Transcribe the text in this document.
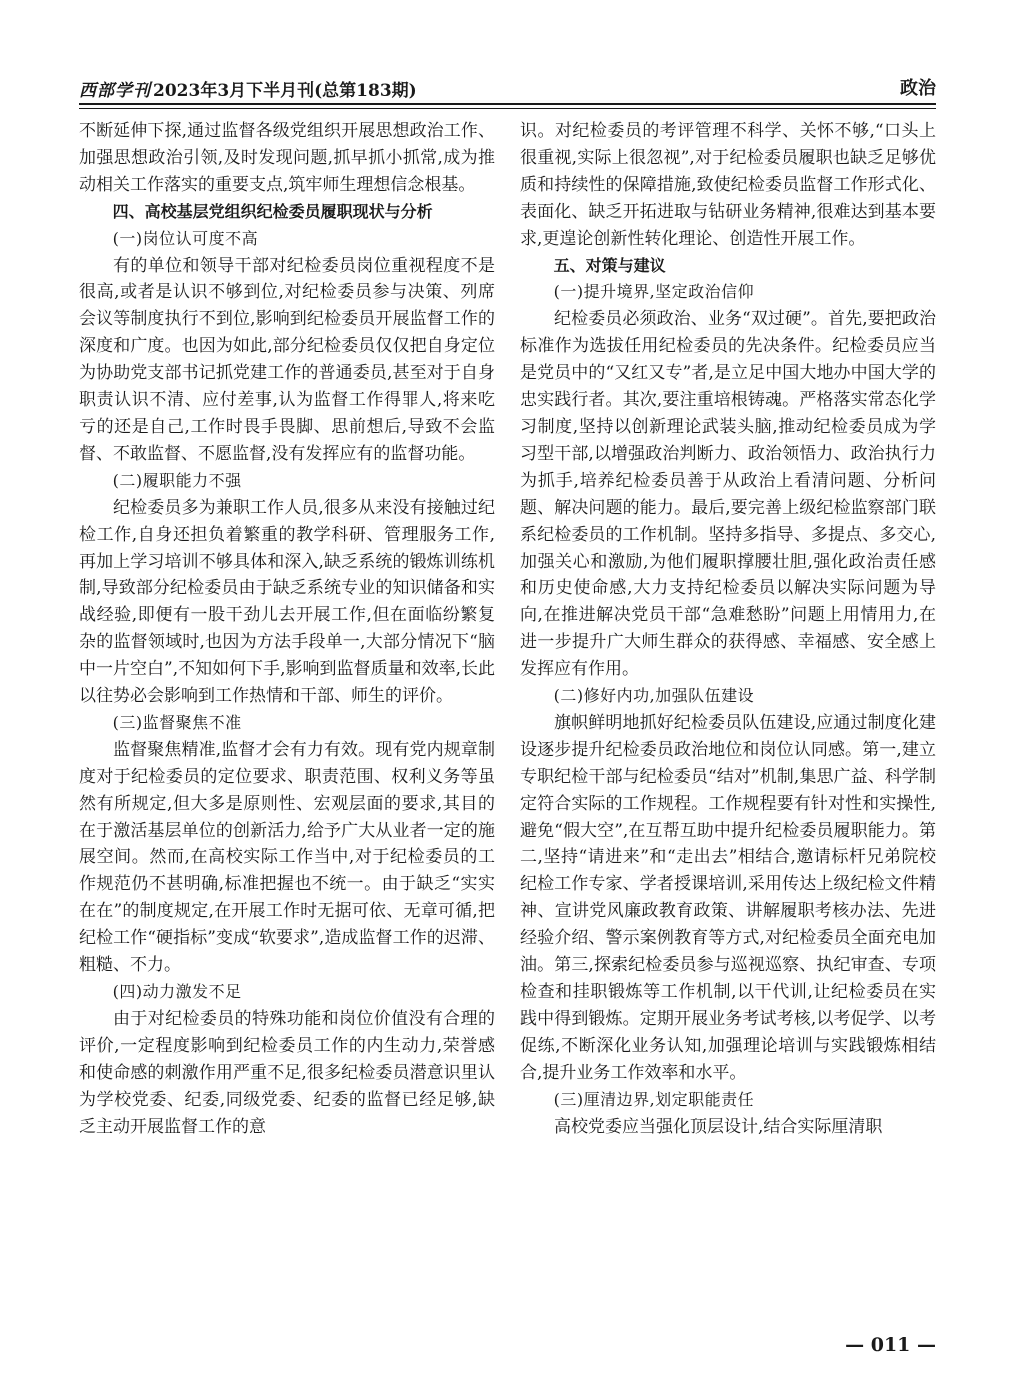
西部学刊 2023年3月下半月刊(总第183期)	政治

不断延伸下探,通过监督各级党组织开展思想政治工作、加强思想政治引领,及时发现问题,抓早抓小抓常,成为推动相关工作落实的重要支点,筑牢师生理想信念根基。

四、高校基层党组织纪检委员履职现状与分析

(一)岗位认可度不高

有的单位和领导干部对纪检委员岗位重视程度不是很高,或者是认识不够到位,对纪检委员参与决策、列席会议等制度执行不到位,影响到纪检委员开展监督工作的深度和广度。也因为如此,部分纪检委员仅仅把自身定位为协助党支部书记抓党建工作的普通委员,甚至对于自身职责认识不清、应付差事,认为监督工作得罪人,将来吃亏的还是自己,工作时畏手畏脚、思前想后,导致不会监督、不敢监督、不愿监督,没有发挥应有的监督功能。

(二)履职能力不强

纪检委员多为兼职工作人员,很多从来没有接触过纪检工作,自身还担负着繁重的教学科研、管理服务工作,再加上学习培训不够具体和深入,缺乏系统的锻炼训练机制,导致部分纪检委员由于缺乏系统专业的知识储备和实战经验,即便有一股干劲儿去开展工作,但在面临纷繁复杂的监督领域时,也因为方法手段单一,大部分情况下“脑中一片空白”,不知如何下手,影响到监督质量和效率,长此以往势必会影响到工作热情和干部、师生的评价。

(三)监督聚焦不准

监督聚焦精准,监督才会有力有效。现有党内规章制度对于纪检委员的定位要求、职责范围、权利义务等虽然有所规定,但大多是原则性、宏观层面的要求,其目的在于激活基层单位的创新活力,给予广大从业者一定的施展空间。然而,在高校实际工作当中,对于纪检委员的工作规范仍不甚明确,标准把握也不统一。由于缺乏“实实在在”的制度规定,在开展工作时无据可依、无章可循,把纪检工作“硬指标”变成“软要求”,造成监督工作的迟滞、粗糙、不力。

(四)动力激发不足

由于对纪检委员的特殊功能和岗位价值没有合理的评价,一定程度影响到纪检委员工作的内生动力,荣誉感和使命感的刺激作用严重不足,很多纪检委员潜意识里认为学校党委、纪委,同级党委、纪委的监督已经足够,缺乏主动开展监督工作的意

识。对纪检委员的考评管理不科学、关怀不够,“口头上很重视,实际上很忽视”,对于纪检委员履职也缺乏足够优质和持续性的保障措施,致使纪检委员监督工作形式化、表面化、缺乏开拓进取与钻研业务精神,很难达到基本要求,更遑论创新性转化理论、创造性开展工作。

五、对策与建议

(一)提升境界,坚定政治信仰

纪检委员必须政治、业务“双过硬”。首先,要把政治标准作为选拔任用纪检委员的先决条件。纪检委员应当是党员中的“又红又专”者,是立足中国大地办中国大学的忠实践行者。其次,要注重培根铸魂。严格落实常态化学习制度,坚持以创新理论武装头脑,推动纪检委员成为学习型干部,以增强政治判断力、政治领悟力、政治执行力为抓手,培养纪检委员善于从政治上看清问题、分析问题、解决问题的能力。最后,要完善上级纪检监察部门联系纪检委员的工作机制。坚持多指导、多提点、多交心,加强关心和激励,为他们履职撑腰壮胆,强化政治责任感和历史使命感,大力支持纪检委员以解决实际问题为导向,在推进解决党员干部“急难愁盼”问题上用情用力,在进一步提升广大师生群众的获得感、幸福感、安全感上发挥应有作用。

(二)修好内功,加强队伍建设

旗帜鲜明地抓好纪检委员队伍建设,应通过制度化建设逐步提升纪检委员政治地位和岗位认同感。第一,建立专职纪检干部与纪检委员“结对”机制,集思广益、科学制定符合实际的工作规程。工作规程要有针对性和实操性,避免“假大空”,在互帮互助中提升纪检委员履职能力。第二,坚持“请进来”和“走出去”相结合,邀请标杆兄弟院校纪检工作专家、学者授课培训,采用传达上级纪检文件精神、宣讲党风廉政教育政策、讲解履职考核办法、先进经验介绍、警示案例教育等方式,对纪检委员全面充电加油。第三,探索纪检委员参与巡视巡察、执纪审查、专项检查和挂职锻炼等工作机制,以干代训,让纪检委员在实践中得到锻炼。定期开展业务考试考核,以考促学、以考促练,不断深化业务认知,加强理论培训与实践锻炼相结合,提升业务工作效率和水平。

(三)厘清边界,划定职能责任

高校党委应当强化顶层设计,结合实际厘清职

— 011 —
